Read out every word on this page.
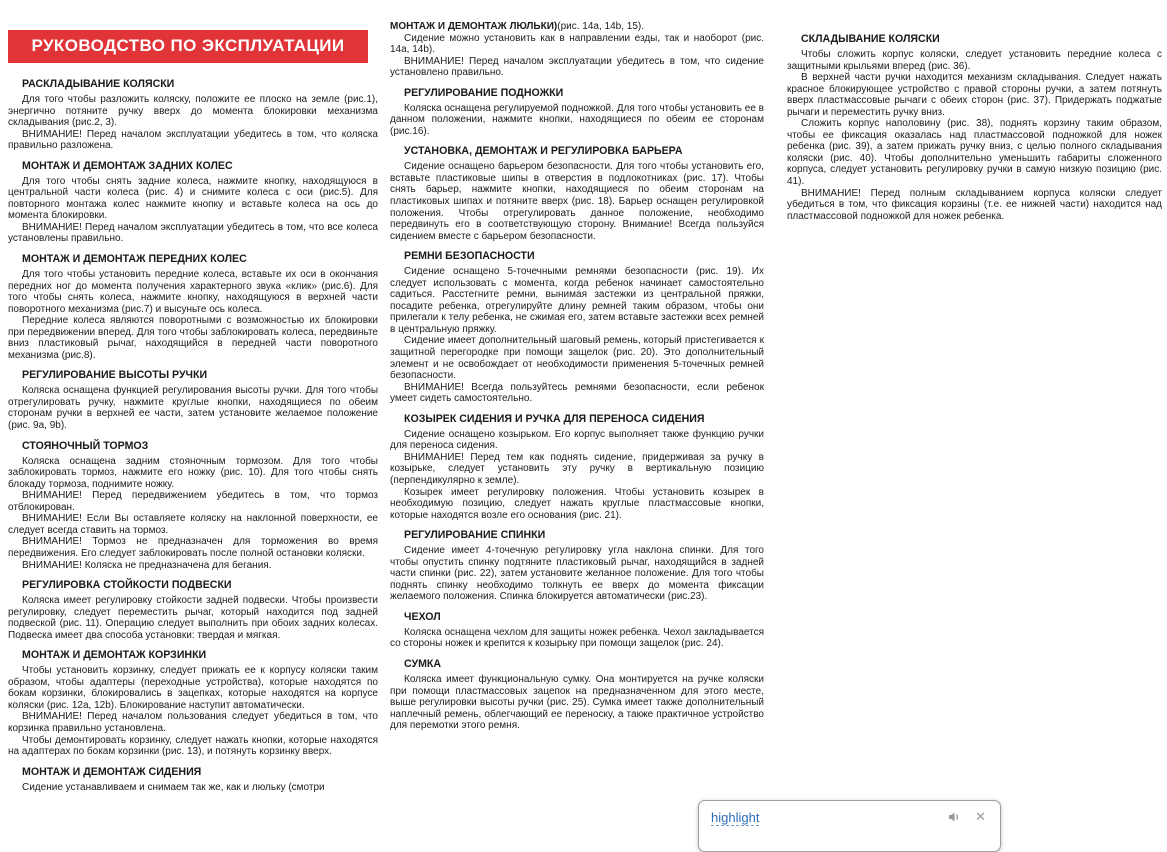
РУКОВОДСТВО ПО ЭКСПЛУАТАЦИИ
РАСКЛАДЫВАНИЕ КОЛЯСКИ

Для того чтобы разложить коляску, положите ее плоско на земле (рис.1), энергично потяните ручку вверх до момента блокировки механизма складывания (рис.2, 3).

ВНИМАНИЕ! Перед началом эксплуатации убедитесь в том, что коляска правильно разложена.

МОНТАЖ И ДЕМОНТАЖ ЗАДНИХ КОЛЕС

Для того чтобы снять задние колеса, нажмите кнопку, находящуюся в центральной части колеса (рис. 4) и снимите колеса с оси (рис.5). Для повторного монтажа колес нажмите кнопку и вставьте колеса на ось до момента блокировки.

ВНИМАНИЕ! Перед началом эксплуатации убедитесь в том, что все колеса установлены правильно.

МОНТАЖ И ДЕМОНТАЖ ПЕРЕДНИХ КОЛЕС

Для того чтобы установить передние колеса, вставьте их оси в окончания передних ног до момента получения характерного звука «клик» (рис.6). Для того чтобы снять колеса, нажмите кнопку, находящуюся в верхней части поворотного механизма (рис.7) и высуньте ось колеса.

Передние колеса являются поворотными с возможностью их блокировки при передвижении вперед. Для того чтобы заблокировать колеса, передвиньте вниз пластиковый рычаг, находящийся в передней части поворотного механизма (рис.8).

РЕГУЛИРОВАНИЕ ВЫСОТЫ РУЧКИ

Коляска оснащена функцией регулирования высоты ручки. Для того чтобы отрегулировать ручку, нажмите круглые кнопки, находящиеся по обеим сторонам ручки в верхней ее части, затем установите желаемое положение (рис. 9a, 9b).

СТОЯНОЧНЫЙ ТОРМОЗ

Коляска оснащена задним стояночным тормозом. Для того чтобы заблокировать тормоз, нажмите его ножку (рис. 10). Для того чтобы снять блокаду тормоза, поднимите ножку.

ВНИМАНИЕ! Перед передвижением убедитесь в том, что тормоз отблокирован.

ВНИМАНИЕ! Если Вы оставляете коляску на наклонной поверхности, ее следует всегда ставить на тормоз.

ВНИМАНИЕ! Тормоз не предназначен для торможения во время передвижения. Его следует заблокировать после полной остановки коляски.

ВНИМАНИЕ! Коляска не предназначена для бегания.

РЕГУЛИРОВКА СТОЙКОСТИ ПОДВЕСКИ

Коляска имеет регулировку стойкости задней подвески. Чтобы произвести регулировку, следует переместить рычаг, который находится под задней подвеской (рис. 11). Операцию следует выполнить при обоих задних колесах. Подвеска имеет два способа установки: твердая и мягкая.

МОНТАЖ И ДЕМОНТАЖ КОРЗИНКИ

Чтобы установить корзинку, следует прижать ее к корпусу коляски таким образом, чтобы адаптеры (переходные устройства), которые находятся по бокам корзинки, блокировались в зацепках, которые находятся на корпусе коляски (рис. 12a, 12b). Блокирование наступит автоматически.

ВНИМАНИЕ! Перед началом пользования следует убедиться в том, что корзинка правильно установлена.

Чтобы демонтировать корзинку, следует нажать кнопки, которые находятся на адаптерах по бокам корзинки (рис. 13), и потянуть корзинку вверх.

МОНТАЖ И ДЕМОНТАЖ СИДЕНИЯ

Сидение устанавливаем и снимаем так же, как и люльку (смотри

МОНТАЖ И ДЕМОНТАЖ ЛЮЛЬКИ)(рис. 14a, 14b, 15).

Сидение можно установить как в направлении езды, так и наоборот (рис. 14a, 14b).

ВНИМАНИЕ! Перед началом эксплуатации убедитесь в том, что сидение установлено правильно.

РЕГУЛИРОВАНИЕ ПОДНОЖКИ

Коляска оснащена регулируемой подножкой. Для того чтобы установить ее в данном положении, нажмите кнопки, находящиеся по обеим ее сторонам (рис.16).

УСТАНОВКА, ДЕМОНТАЖ И РЕГУЛИРОВКА БАРЬЕРА

Сидение оснащено барьером безопасности. Для того чтобы установить его, вставьте пластиковые шипы в отверстия в подлокотниках (рис. 17). Чтобы снять барьер, нажмите кнопки, находящиеся по обеим сторонам на пластиковых шипах и потяните вверх (рис. 18). Барьер оснащен регулировкой положения. Чтобы отрегулировать данное положение, необходимо передвинуть его в соответствующую сторону. Внимание! Всегда пользуйся сидением вместе с барьером безопасности.

РЕМНИ БЕЗОПАСНОСТИ

Сидение оснащено 5-точечными ремнями безопасности (рис. 19). Их следует использовать с момента, когда ребенок начинает самостоятельно садиться. Расстегните ремни, вынимая застежки из центральной пряжки, посадите ребенка, отрегулируйте длину ремней таким образом, чтобы они прилегали к телу ребенка, не сжимая его, затем вставьте застежки всех ремней в центральную пряжку.

Сидение имеет дополнительный шаговый ремень, который пристегивается к защитной перегородке при помощи защелок (рис. 20). Это дополнительный элемент и не освобождает от необходимости применения 5-точечных ремней безопасности.

ВНИМАНИЕ! Всегда пользуйтесь ремнями безопасности, если ребенок умеет сидеть самостоятельно.

КОЗЫРЕК СИДЕНИЯ И РУЧКА ДЛЯ ПЕРЕНОСА СИДЕНИЯ

Сидение оснащено козырьком. Его корпус выполняет также функцию ручки для переноса сидения.

ВНИМАНИЕ! Перед тем как поднять сидение, придерживая за ручку в козырьке, следует установить эту ручку в вертикальную позицию (перпендикулярно к земле).

Козырек имеет регулировку положения. Чтобы установить козырек в необходимую позицию, следует нажать круглые пластмассовые кнопки, которые находятся возле его основания (рис. 21).

РЕГУЛИРОВАНИЕ СПИНКИ

Сидение имеет 4-точечную регулировку угла наклона спинки. Для того чтобы опустить спинку подтяните пластиковый рычаг, находящийся в задней части спинки (рис. 22), затем установите желанное положение. Для того чтобы поднять спинку необходимо толкнуть ее вверх до момента фиксации желаемого положения. Спинка блокируется автоматически (рис.23).

ЧЕХОЛ

Коляска оснащена чехлом для защиты ножек ребенка. Чехол закладывается со стороны ножек и крепится к козырьку при помощи защелок (рис. 24).

СУМКА

Коляска имеет функциональную сумку. Она монтируется на ручке коляски при помощи пластмассовых зацепок на предназначенном для этого месте, выше регулировки высоты ручки (рис. 25). Сумка имеет также дополнительный наплечный ремень, облегчающий ее переноску, а также практичное устройство для перемотки этого ремня.

СКЛАДЫВАНИЕ КОЛЯСКИ

Чтобы сложить корпус коляски, следует установить передние колеса с защитными крыльями вперед (рис. 36).

В верхней части ручки находится механизм складывания. Следует нажать красное блокирующее устройство с правой стороны ручки, а затем потянуть вверх пластмассовые рычаги с обеих сторон (рис. 37). Придержать поджатые рычаги и переместить ручку вниз.

Сложить корпус наполовину (рис. 38), поднять корзину таким образом, чтобы ее фиксация оказалась над пластмассовой подножкой для ножек ребенка (рис. 39), а затем прижать ручку вниз, с целью полного складывания коляски (рис. 40). Чтобы дополнительно уменьшить габариты сложенного корпуса, следует установить регулировку ручки в самую низкую позицию (рис. 41).

ВНИМАНИЕ! Перед полным складыванием корпуса коляски следует убедиться в том, что фиксация корзины (т.е. ее нижней части) находится над пластмассовой подножкой для ножек ребенка.

highlight	✕
